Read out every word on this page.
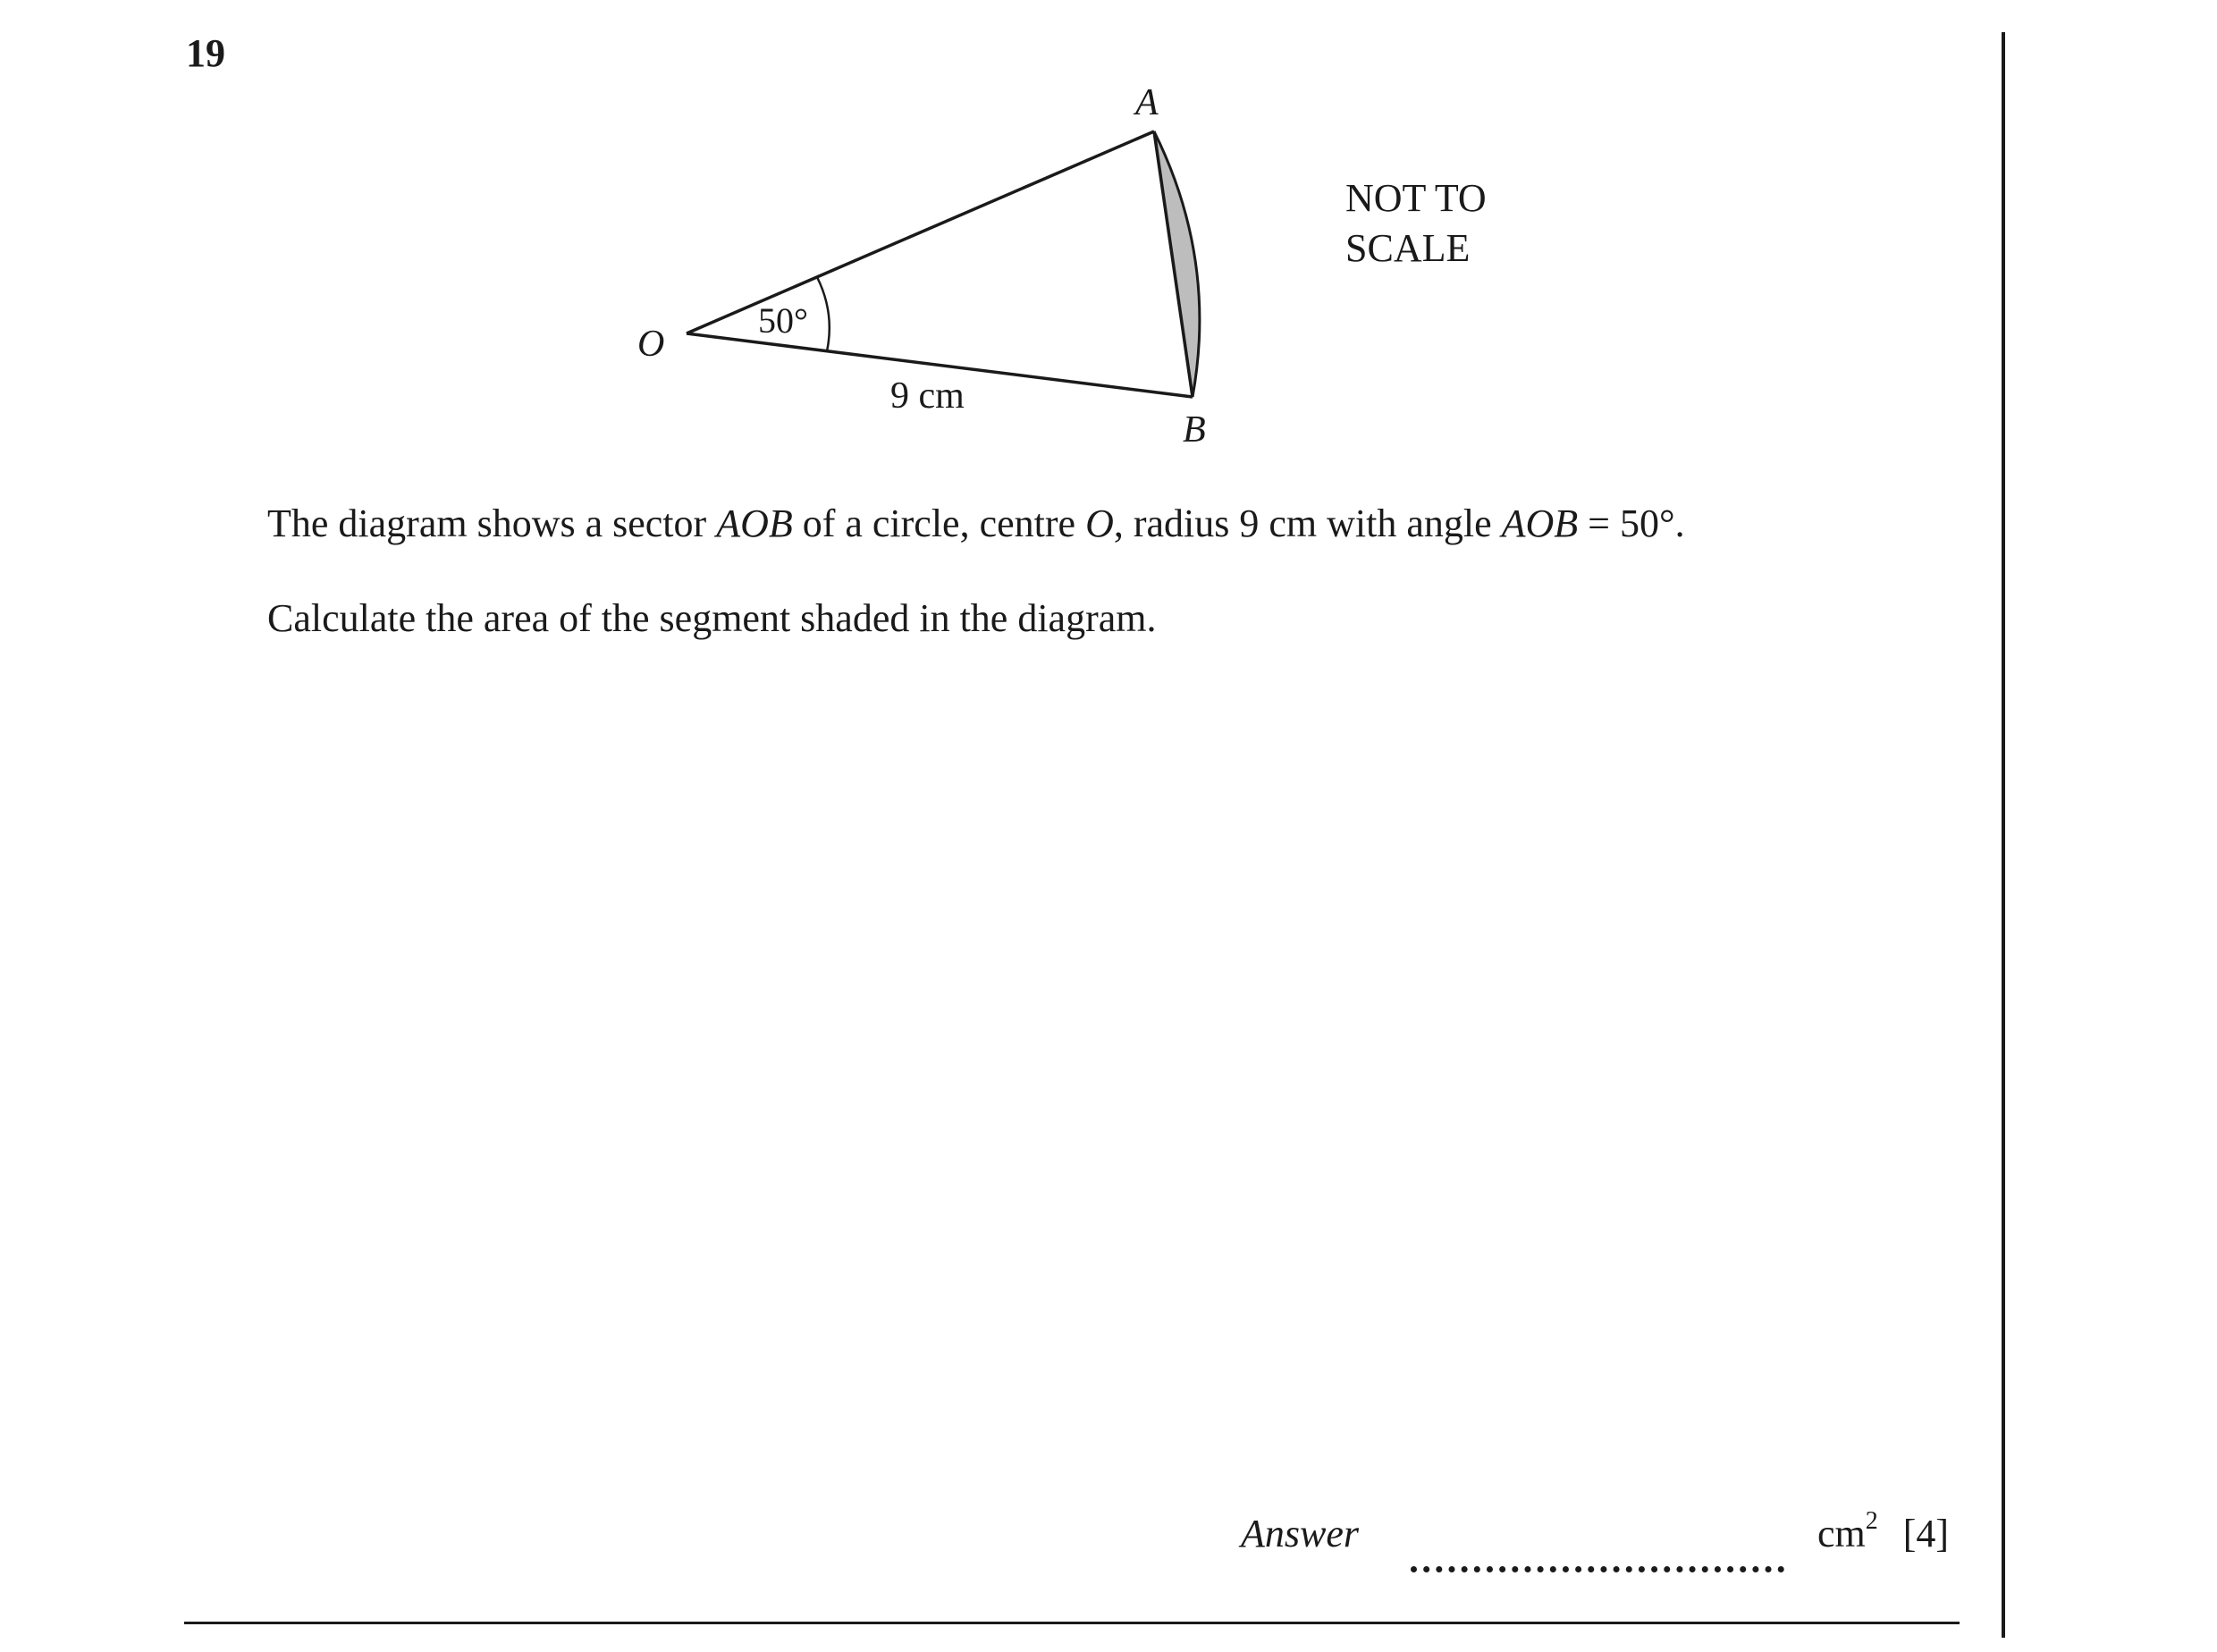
19
A
B
O
50°
9 cm
NOT TO
SCALE
The diagram shows a sector AOB of a circle, centre O, radius 9 cm with angle AOB = 50°.
Calculate the area of the segment shaded in the diagram.
Answer	$cm^2$ [4]
